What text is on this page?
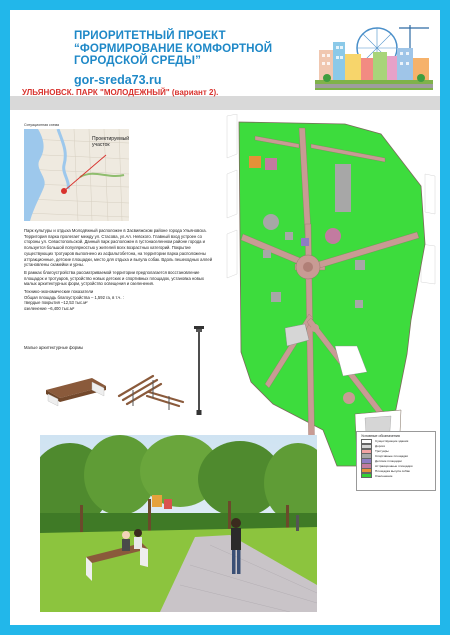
ПРИОРИТЕТНЫЙ ПРОЕКТ
“ФОРМИРОВАНИЕ КОМФОРТНОЙ
ГОРОДСКОЙ СРЕДЫ”
gor-sreda73.ru
Ситуационная схема
Проектируемый
участок

Парк культуры и отдыха Молодёжный расположен в Засвияжском районе города Ульяновска. Территория парка пролегает между ул. Стасова, ул.Ал. Невского. Главный вход устроен со стороны ул. Севастопольской. Данный парк расположен в густонаселенном районе города и пользуется большой популярностью у жителей всех возрастных категорий. Покрытие существующих тротуаров выполнено из асфальтобетона, на территории парка расположены аттракционные, детские площадки, место для отдыха и выгула собак. Вдоль пешеходных аллей установлены скамейки и урны.

В рамках благоустройства рассматриваемой территории предполагается восстановление площадок и тротуаров, устройство новых детских и спортивных площадок, установка новых малых архитектурных форм, устройство освещения и озеленения.

Технико-экономические показатели
Общая площадь благоустройства – 1,592 га, в т.ч. :
твердые покрытия –12,53 тыс.м²
озеленение –6,400 тыс.м²
Малые архитектурные формы
Условные обозначения
Существующие здания
Дороги
Тротуары
Спортивные площадки
Детские площадки
Аттракционные площадки
Площадка выгула собак
Озеленение
УЛЬЯНОВСК. ПАРК "МОЛОДЕЖНЫЙ" (вариант 2).
